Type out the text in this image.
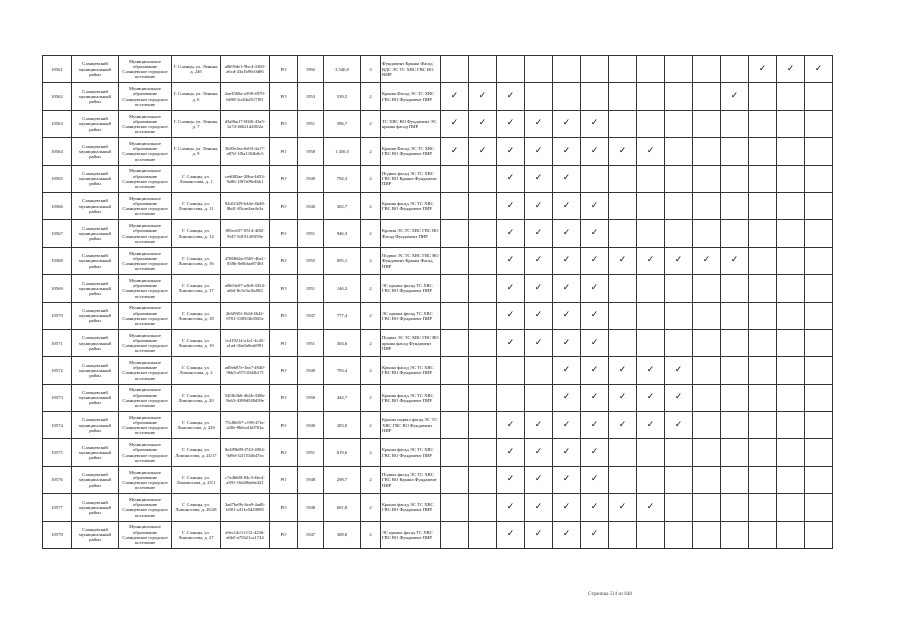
10561	Сланцевский муниципальный район	Муниципальное образование Сланцевское городское поселение	Г. Сланцы, ул. Ленина, д. 24б	a8b95de1-9bc4-4360-a6cd-43a1b90c0d06	РО	1992	3 540,0	3	Фундамент Крыша Фасад ВДС ЭС ТС ХВС ГВС ВО ВМР												✓	✓	✓
10562	Сланцевский муниципальный район	Муниципальное образование Сланцевское городское поселение	Г. Сланцы, ул. Ленина, д. 6	2ae4568a-a398-4970-b698-3cd1bd517f91	РО	1953	539,5	2	Крыша Фасад ЭС ТС ХВС ГВС ВО Фундамент ПИР	✓	✓	✓								✓			
10563	Сланцевский муниципальный район	Муниципальное образование Сланцевское городское поселение	Г. Сланцы, ул. Ленина, д. 7	d3a8ba17-0026-43a5-1a74-46621d2f0f2a	РО	1951	396,7	2	ТС ХВС ВО Фундамент ЭС крыша фасад ПИР	✓	✓	✓	✓	✓	✓								
10564	Сланцевский муниципальный район	Муниципальное образование Сланцевское городское поселение	Г. Сланцы, ул. Ленина, д. 9	3b05e3ea-6e03-4a17-a87d-1f9a135db0c5	РО	1958	1 450,5	2	Крыша Фасад ЭС ТС ХВС ГВС ВО Фундамент ПИР	✓	✓	✓	✓	✓	✓	✓	✓						
10565	Сланцевский муниципальный район	Муниципальное образование Сланцевское городское поселение	Г. Сланцы, ул. Ломоносова, д. 1	ced682ae-20ba-4d53-9a86-1f87a09e4bb1	РО	1949	794,3	2	Подвал фасад ЭС ТС ХВС ГВС ВО Крыша Фундамент ПИР			✓	✓	✓									
10566	Сланцевский муниципальный район	Муниципальное образование Сланцевское городское поселение	Г. Сланцы, ул. Ломоносова, д. 11	92d1f429-b44e-4b48-8bd1-83cae4ae4e3a	РО	1940	302,7	2	Крыша фасад ЭС ТС ХВС ГВС ВО Фундамент ПИР			✓	✓	✓	✓								
10567	Сланцевский муниципальный район	Муниципальное образование Сланцевское городское поселение	Г. Сланцы, ул. Ломоносова, д. 14	f85ecb57-0514-4f82-9f47-5d1914f9f59e	РО	1951	946,3	2	Кровля ЭС ТС ХВС ГВС ВО Фасад Фундамент ПИР			✓	✓	✓	✓								
10568	Сланцевский муниципальный район	Муниципальное образование Сланцевское городское поселение	Г. Сланцы, ул. Ломоносова, д. 16	47868d4a-55b5-4ba1-838b-0e0bfaa8746f	РО	1955	695,1	2	Подвал ЭС ТС ХВС ГВС ВО Фундамент Крыша Фасад ПИР			✓	✓	✓	✓	✓	✓	✓	✓	✓			
10569	Сланцевский муниципальный район	Муниципальное образование Сланцевское городское поселение	Г. Сланцы, ул. Ломоносова, д. 17	a0b63e07-a3b0-4354-a6bf-8c5e3a1bd9f2	РО	1951	146,2	2	ЭС крыша фасад ТС ХВС ГВС ВО Фундамент ПИР			✓	✓	✓	✓								
10570	Сланцевский муниципальный район	Муниципальное образование Сланцевское городское поселение	Г. Сланцы, ул. Ломоносова, д. 18	2b6f9f5f-f5d4-4642-8701-5385f3b3565e	РО	1947	777,4	2	ЭС крыша фасад ТС ХВС ГВС ВО Фундамент ПИР			✓	✓	✓	✓								
10571	Сланцевский муниципальный район	Муниципальное образование Сланцевское городское поселение	Г. Сланцы, ул. Ломоносова, д. 19	fc419214-a1a1-4c45-a1ad-16a0a0ea6991	РО	1951	304,6	2	Подвал ЭС ТС ХВС ГВС ВО крыша фасад Фундамент ПИР			✓	✓	✓	✓								
10572	Сланцевский муниципальный район	Муниципальное образование Сланцевское городское поселение	Г. Сланцы, ул. Ломоносова, д. 2	ad9eb07e-3ea7-4940-9bb5-a97110d2b17f	РО	1949	793,4	2	Крыша фасад ЭС ТС ХВС ГВС ВО Фундамент ПИР					✓	✓	✓	✓	✓					
10573	Сланцевский муниципальный район	Муниципальное образование Сланцевское городское поселение	Г. Сланцы, ул. Ломоносова, д. 20	54f3b3b6-462b-438b-9a63-4398d348d39e	РО	1950	444,7	2	Крыша фасад ЭС ТС ХВС ГВС ВО Фундамент ПИР					✓	✓	✓	✓	✓					
10574	Сланцевский муниципальный район	Муниципальное образование Сланцевское городское поселение	Г. Сланцы, ул. Ломоносова, д. 22б	75c8b657-c198-47fa-a20e-8b6ca1b0763a	РО	1940	283,0	2	Крыша подвал фасад ЭС ТС ХВС ГВС ВО Фундамент ПИР			✓	✓	✓	✓	✓	✓	✓					
10575	Сланцевский муниципальный район	Муниципальное образование Сланцевское городское поселение	Г. Сланцы, ул. Ломоносова, д. 24/17	8e289b89-f743-4904-9d9d-32f153db47ea	РО	1951	619,6	2	Крыша фасад ЭС ТС ХВС ГВС ВО Фундамент ПИР			✓	✓	✓	✓								
10576	Сланцевский муниципальный район	Муниципальное образование Сланцевское городское поселение	Г. Сланцы, ул. Ломоносова, д. 25/1	c7a4b68f-84c3-4bc4-a391-16d28da6e421	РО	1948	298,7	2	Подвал фасад ЭС ТС ХВС ГВС ВО Крыша Фундамент ПИР			✓	✓	✓	✓								
10577	Сланцевский муниципальный район	Муниципальное образование Сланцевское городское поселение	Г. Сланцы, ул. Ломоносова, д. 26/28	3ad7be9b-4ea9-4ad8-b581-a411e5d20885	РО	1948	601,8	2	Крыша фасад ЭС ТС ХВС ГВС ВО Фундамент ПИР			✓	✓	✓	✓	✓	✓						
10578	Сланцевский муниципальный район	Муниципальное образование Сланцевское городское поселение	Г. Сланцы, ул. Ломоносова, д. 27	a9ec14c5-f112-4236-a6b5-a75621ca1744	РО	1947	308,8	2	ЭС крыша фасад ТС ХВС ГВС ВО Фундамент ПИР			✓	✓	✓	✓								
Страница 514 из 648
